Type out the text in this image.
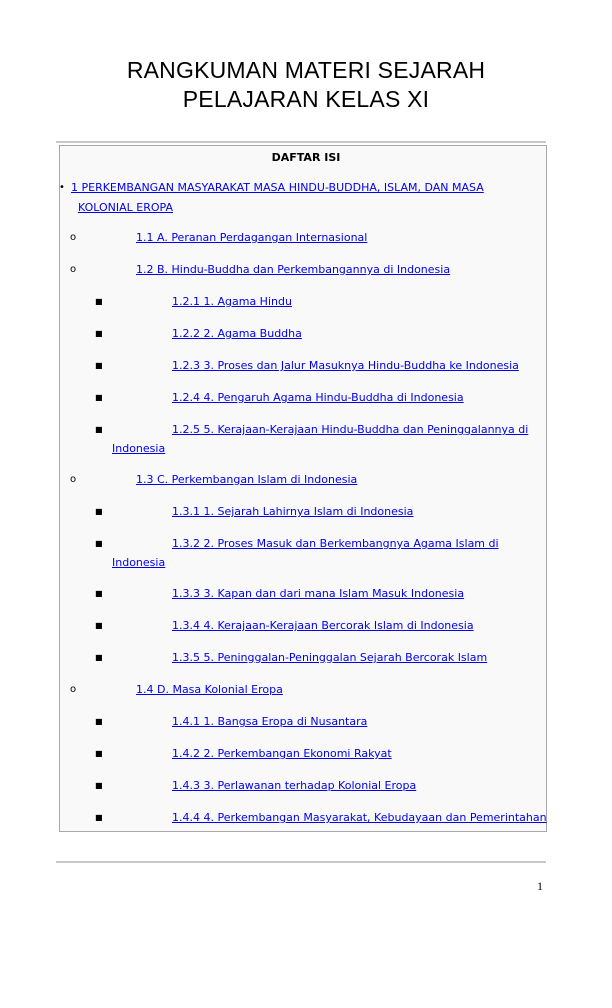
RANGKUMAN MATERI SEJARAH
PELAJARAN KELAS XI
DAFTAR ISI
• 1 PERKEMBANGAN MASYARAKAT MASA HINDU-BUDDHA, ISLAM, DAN MASA
KOLONIAL EROPA
o	1.1 A. Peranan Perdagangan Internasional
o	1.2 B. Hindu-Buddha dan Perkembangannya di Indonesia
■	1.2.1 1. Agama Hindu
■	1.2.2 2. Agama Buddha
■	1.2.3 3. Proses dan Jalur Masuknya Hindu-Buddha ke Indonesia
■	1.2.4 4. Pengaruh Agama Hindu-Buddha di Indonesia
■	1.2.5 5. Kerajaan-Kerajaan Hindu-Buddha dan Peninggalannya di
Indonesia
o	1.3 C. Perkembangan Islam di Indonesia
■	1.3.1 1. Sejarah Lahirnya Islam di Indonesia
■	1.3.2 2. Proses Masuk dan Berkembangnya Agama Islam di
Indonesia
■	1.3.3 3. Kapan dan dari mana Islam Masuk Indonesia
■	1.3.4 4. Kerajaan-Kerajaan Bercorak Islam di Indonesia
■	1.3.5 5. Peninggalan-Peninggalan Sejarah Bercorak Islam
o	1.4 D. Masa Kolonial Eropa
■	1.4.1 1. Bangsa Eropa di Nusantara
■	1.4.2 2. Perkembangan Ekonomi Rakyat
■	1.4.3 3. Perlawanan terhadap Kolonial Eropa
■	1.4.4 4. Perkembangan Masyarakat, Kebudayaan dan Pemerintahan
1
